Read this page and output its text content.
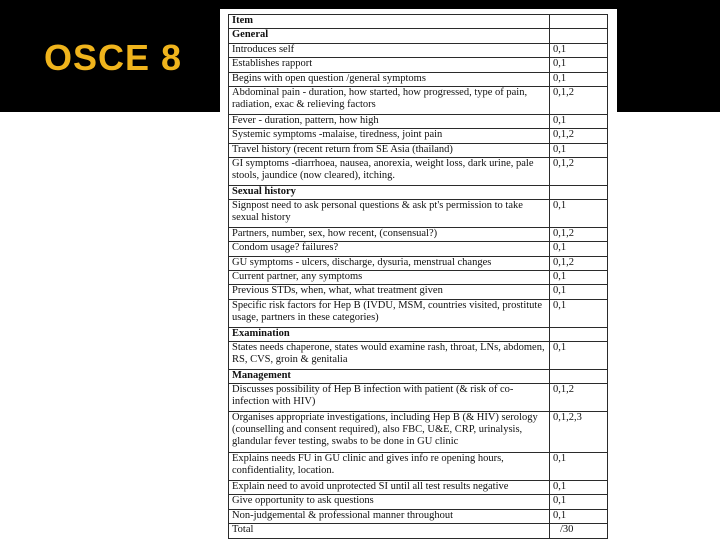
OSCE 8
Item	
General	
Introduces self	0,1
Establishes rapport	0,1
Begins with open question /general symptoms	0,1
Abdominal pain - duration, how started, how progressed, type of pain, radiation, exac & relieving factors	0,1,2
Fever - duration, pattern, how high	0,1
Systemic symptoms -malaise, tiredness, joint pain	0,1,2
Travel history (recent return from SE Asia (thailand)	0,1
GI symptoms -diarrhoea, nausea, anorexia, weight loss, dark urine, pale stools, jaundice (now cleared), itching.	0,1,2
Sexual history	
Signpost need to ask personal questions & ask pt's permission to take sexual history	0,1
Partners, number, sex, how recent, (consensual?)	0,1,2
Condom usage? failures?	0,1
GU symptoms - ulcers, discharge, dysuria, menstrual changes	0,1,2
Current partner, any symptoms	0,1
Previous STDs, when, what, what treatment given	0,1
Specific risk factors for Hep B (IVDU, MSM, countries visited, prostitute usage, partners in these categories)	0,1
Examination	
States needs chaperone, states would examine rash, throat, LNs, abdomen, RS, CVS, groin & genitalia	0,1
Management	
Discusses possibility of Hep B infection with patient (& risk of co-infection with HIV)	0,1,2
Organises appropriate investigations, including Hep B (& HIV) serology (counselling and consent required), also FBC, U&E, CRP, urinalysis, glandular fever testing, swabs to be done in GU clinic	0,1,2,3
Explains needs FU in GU clinic and gives info re opening hours, confidentiality, location.	0,1
Explain need to avoid unprotected SI until all test results negative	0,1
Give opportunity to ask questions	0,1
Non-judgemental & professional manner throughout	0,1
Total	/30
